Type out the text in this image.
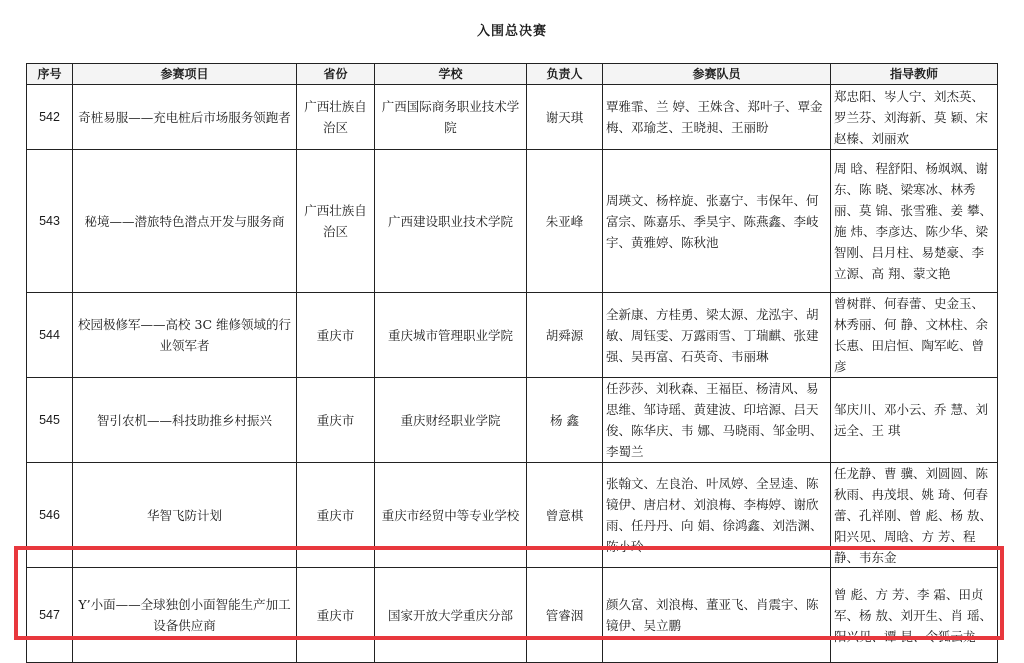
入围总决赛
序号	参赛项目	省份	学校	负责人	参赛队员	指导教师
542	奇桩易服——充电桩后市场服务领跑者	广西壮族自治区	广西国际商务职业技术学院	谢天琪	覃雅霏、兰 婷、王姝含、郑叶子、覃金梅、邓瑜芝、王晓昶、王丽盼	郑忠阳、岑人宁、刘杰英、罗兰芬、刘海新、莫 颖、宋赵榛、刘丽欢
543	秘境——潜旅特色潜点开发与服务商	广西壮族自治区	广西建设职业技术学院	朱亚峰	周瑛文、杨梓旋、张嘉宁、韦保年、何富宗、陈嘉乐、季昊宇、陈燕鑫、李岐宇、黄雅婷、陈秋池	周 晗、程舒阳、杨飒飒、谢 东、陈 晓、梁寒冰、林秀丽、莫 锦、张雪雅、姜 攀、施 炜、李彦达、陈少华、梁智刚、吕月柱、易楚豪、李立源、高 翔、蒙文艳
544	校园极修军——高校 3C 维修领域的行业领军者	重庆市	重庆城市管理职业学院	胡舜源	全新康、方桂勇、梁太源、龙泓宇、胡 敏、周钰雯、万露雨雪、丁瑞麒、张建强、吴再富、石英奇、韦丽琳	曾树群、何春蕾、史金玉、林秀丽、何 静、文林柱、余长惠、田启恒、陶军屹、曾 彦
545	智引农机——科技助推乡村振兴	重庆市	重庆财经职业学院	杨 鑫	任莎莎、刘秋森、王福臣、杨清风、易思维、邹诗瑶、黄建波、印培源、吕天俊、陈华庆、韦 娜、马晓雨、邹金明、李蜀兰	邹庆川、邓小云、乔 慧、刘远全、王 琪
546	华智飞防计划	重庆市	重庆市经贸中等专业学校	曾意棋	张翰文、左良治、叶凤婷、全昱逵、陈镜伊、唐启材、刘浪梅、李梅婷、谢欣雨、任丹丹、向 娟、徐鸿鑫、刘浩渊、陈小玲	任龙静、曹 骥、刘圆圆、陈秋雨、冉茂垠、姚 琦、何春蕾、孔祥刚、曾 彪、杨 敖、阳兴见、周晗、方 芳、程 静、韦东金

547	Y’小面——全球独创小面智能生产加工设备供应商	重庆市	国家开放大学重庆分部	管睿洇	颜久富、刘浪梅、董亚飞、肖震宇、陈镜伊、吴立鹏	曾 彪、方 芳、李 霜、田贞军、杨 敖、刘开生、肖 瑶、阳兴见、谭 昆、令狐云龙
